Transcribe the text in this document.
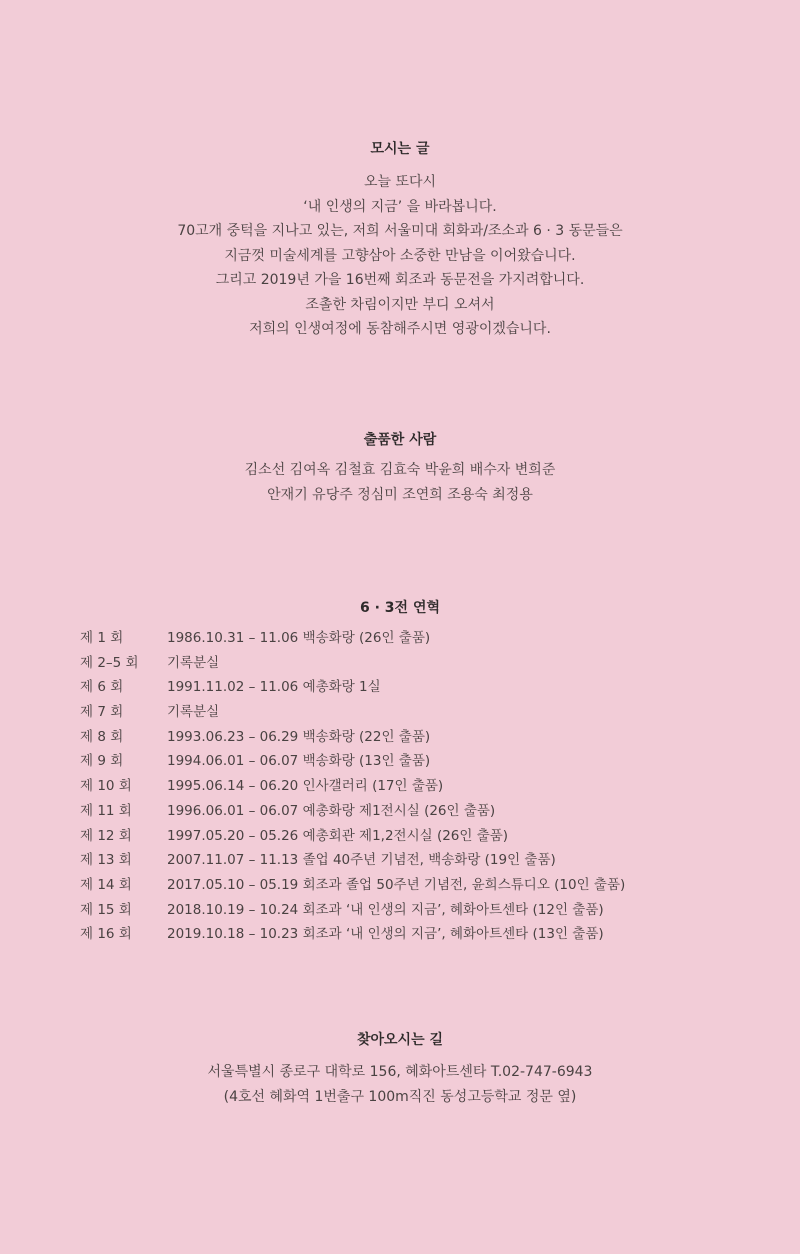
모시는 글
오늘 또다시
‘내 인생의 지금’ 을 바라봅니다.
70고개 중턱을 지나고 있는, 저희 서울미대 회화과/조소과 6 · 3 동문들은
지금껏 미술세계를 고향삼아 소중한 만남을 이어왔습니다.
그리고 2019년 가을 16번째 회조과 동문전을 가지려합니다.
조촐한 차림이지만 부디 오셔서
저희의 인생여정에 동참해주시면 영광이겠습니다.
출품한 사람
김소선 김여옥 김철효 김효숙 박윤희 배수자 변희준
안재기 유당주 정심미 조연희 조용숙 최정용
6 · 3전 연혁
제 1 회	1986.10.31 – 11.06 백송화랑 (26인 출품)
제 2–5 회 기록분실
제 6 회	1991.11.02 – 11.06 예총화랑 1실
제 7 회	기록분실
제 8 회	1993.06.23 – 06.29 백송화랑 (22인 출품)
제 9 회	1994.06.01 – 06.07 백송화랑 (13인 출품)
제 10 회	1995.06.14 – 06.20 인사갤러리 (17인 출품)
제 11 회	1996.06.01 – 06.07 예총화랑 제1전시실 (26인 출품)
제 12 회	1997.05.20 – 05.26 예총회관 제1,2전시실 (26인 출품)
제 13 회	2007.11.07 – 11.13 졸업 40주년 기념전, 백송화랑 (19인 출품)
제 14 회	2017.05.10 – 05.19 회조과 졸업 50주년 기념전, 윤희스튜디오 (10인 출품)
제 15 회	2018.10.19 – 10.24 회조과 ‘내 인생의 지금’, 혜화아트센타 (12인 출품)
제 16 회	2019.10.18 – 10.23 회조과 ‘내 인생의 지금’, 혜화아트센타 (13인 출품)
찾아오시는 길
서울특별시 종로구 대학로 156, 혜화아트센타 T.02-747-6943
(4호선 혜화역 1번출구 100m직진 동성고등학교 정문 옆)
